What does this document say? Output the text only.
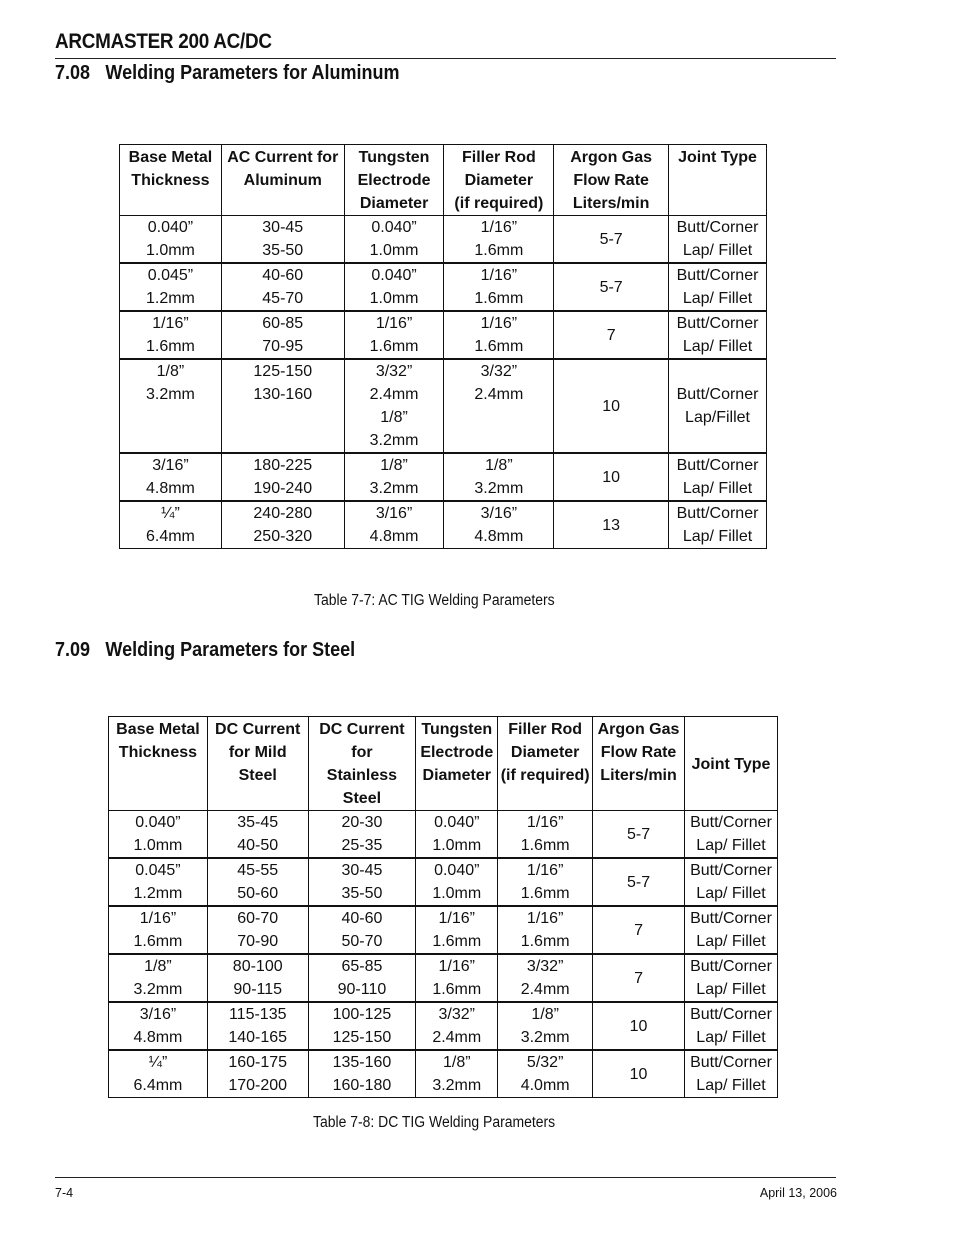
ARCMASTER 200 AC/DC
7.08 Welding Parameters for Aluminum
Base Metal
Thickness	AC Current for
Aluminum	Tungsten
Electrode
Diameter	Filler Rod
Diameter
(if required)	Argon Gas
Flow Rate
Liters/min	Joint Type

0.040”
1.0mm	30-45
35-50	0.040”
1.0mm	1/16”
1.6mm	5-7	Butt/Corner
Lap/ Fillet

0.045”
1.2mm	40-60
45-70	0.040”
1.0mm	1/16”
1.6mm	5-7	Butt/Corner
Lap/ Fillet

1/16”
1.6mm	60-85
70-95	1/16”
1.6mm	1/16”
1.6mm	7	Butt/Corner
Lap/ Fillet

1/8”
3.2mm	125-150
130-160	3/32”
2.4mm
1/8”
3.2mm	3/32”
2.4mm	10	Butt/Corner
Lap/Fillet

3/16”
4.8mm	180-225
190-240	1/8”
3.2mm	1/8”
3.2mm	10	Butt/Corner
Lap/ Fillet

¼”
6.4mm	240-280
250-320	3/16”
4.8mm	3/16”
4.8mm	13	Butt/Corner
Lap/ Fillet
Table 7-7: AC TIG Welding Parameters
7.09 Welding Parameters for Steel
Base Metal
Thickness	DC Current
for Mild
Steel	DC Current for
Stainless
Steel	Tungsten
Electrode
Diameter	Filler Rod
Diameter
(if required)	Argon Gas
Flow Rate
Liters/min	Joint Type

0.040”
1.0mm	35-45
40-50	20-30
25-35	0.040”
1.0mm	1/16”
1.6mm	5-7	Butt/Corner
Lap/ Fillet

0.045”
1.2mm	45-55
50-60	30-45
35-50	0.040”
1.0mm	1/16”
1.6mm	5-7	Butt/Corner
Lap/ Fillet

1/16”
1.6mm	60-70
70-90	40-60
50-70	1/16”
1.6mm	1/16”
1.6mm	7	Butt/Corner
Lap/ Fillet

1/8”
3.2mm	80-100
90-115	65-85
90-110	1/16”
1.6mm	3/32”
2.4mm	7	Butt/Corner
Lap/ Fillet

3/16”
4.8mm	115-135
140-165	100-125
125-150	3/32”
2.4mm	1/8”
3.2mm	10	Butt/Corner
Lap/ Fillet

¼”
6.4mm	160-175
170-200	135-160
160-180	1/8”
3.2mm	5/32”
4.0mm	10	Butt/Corner
Lap/ Fillet
Table 7-8: DC TIG Welding Parameters
7-4	April 13, 2006
